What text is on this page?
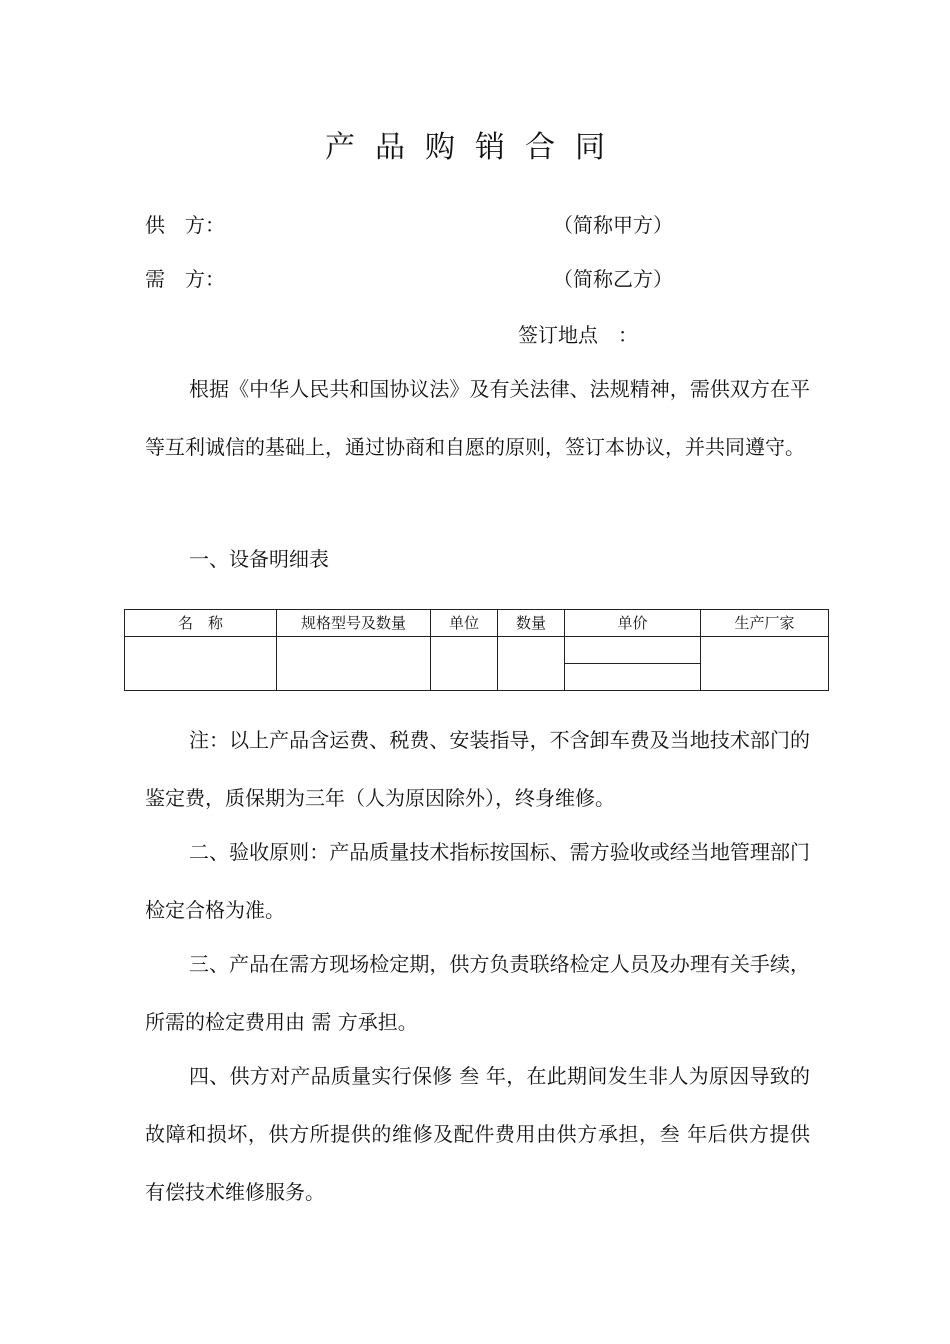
产品购销合同
供　方：	（简称甲方）
需　方：	（简称乙方）
签订地点　：
根据《中华人民共和国协议法》及有关法律、法规精神，需供双方在平等互利诚信的基础上，通过协商和自愿的原则，签订本协议，并共同遵守。
一、设备明细表
名　称	规格型号及数量	单位	数量	单价	生产厂家

注：以上产品含运费、税费、安装指导，不含卸车费及当地技术部门的鉴定费，质保期为三年（人为原因除外），终身维修。
二、验收原则：产品质量技术指标按国标、需方验收或经当地管理部门检定合格为准。
三、产品在需方现场检定期，供方负责联络检定人员及办理有关手续，所需的检定费用由 需 方承担。
四、供方对产品质量实行保修 叁 年，在此期间发生非人为原因导致的故障和损坏，供方所提供的维修及配件费用由供方承担，叁 年后供方提供有偿技术维修服务。
